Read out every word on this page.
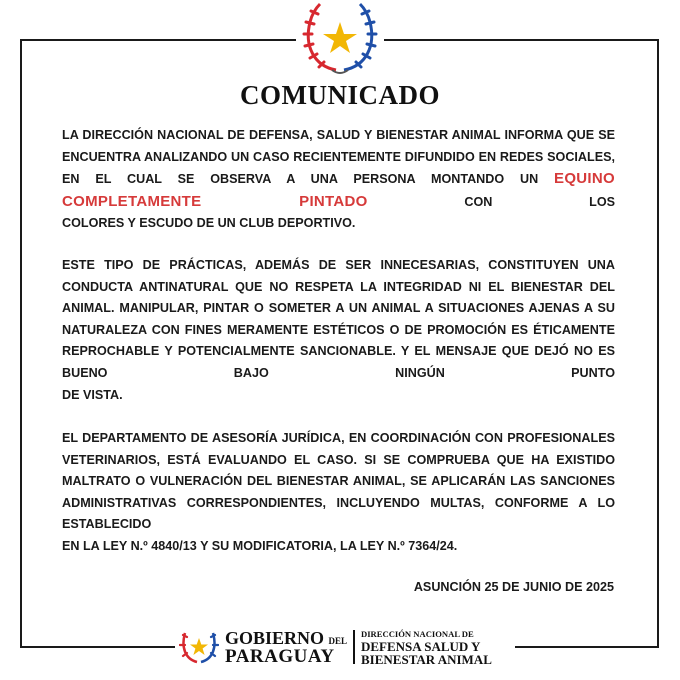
COMUNICADO

LA DIRECCIÓN NACIONAL DE DEFENSA, SALUD Y BIENESTAR ANIMAL INFORMA QUE SE ENCUENTRA ANALIZANDO UN CASO RECIENTEMENTE DIFUNDIDO EN REDES SOCIALES, EN EL CUAL SE OBSERVA A UNA PERSONA MONTANDO UN EQUINO COMPLETAMENTE PINTADO	CON LOS
COLORES Y ESCUDO DE UN CLUB DEPORTIVO.

ESTE TIPO DE PRÁCTICAS, ADEMÁS DE SER INNECESARIAS, CONSTITUYEN UNA CONDUCTA ANTINATURAL QUE NO RESPETA LA INTEGRIDAD NI EL BIENESTAR DEL ANIMAL. MANIPULAR, PINTAR O SOMETER A UN ANIMAL A SITUACIONES AJENAS A SU NATURALEZA CON FINES MERAMENTE ESTÉTICOS O DE PROMOCIÓN ES ÉTICAMENTE REPROCHABLE Y POTENCIALMENTE SANCIONABLE. Y EL MENSAJE QUE DEJÓ NO ES BUENO BAJO NINGÚN PUNTO
DE VISTA.

EL DEPARTAMENTO DE ASESORÍA JURÍDICA, EN COORDINACIÓN CON PROFESIONALES VETERINARIOS, ESTÁ EVALUANDO EL CASO. SI SE COMPRUEBA QUE HA EXISTIDO MALTRATO O VULNERACIÓN DEL BIENESTAR ANIMAL, SE APLICARÁN LAS SANCIONES ADMINISTRATIVAS CORRESPONDIENTES, INCLUYENDO MULTAS, CONFORME A LO ESTABLECIDO
EN LA LEY N.º 4840/13 Y SU MODIFICATORIA, LA LEY N.º 7364/24.

ASUNCIÓN 25 DE JUNIO DE 2025

GOBIERNO DEL
PARAGUAY
DIRECCIÓN NACIONAL DE
DEFENSA SALUD Y
BIENESTAR ANIMAL
